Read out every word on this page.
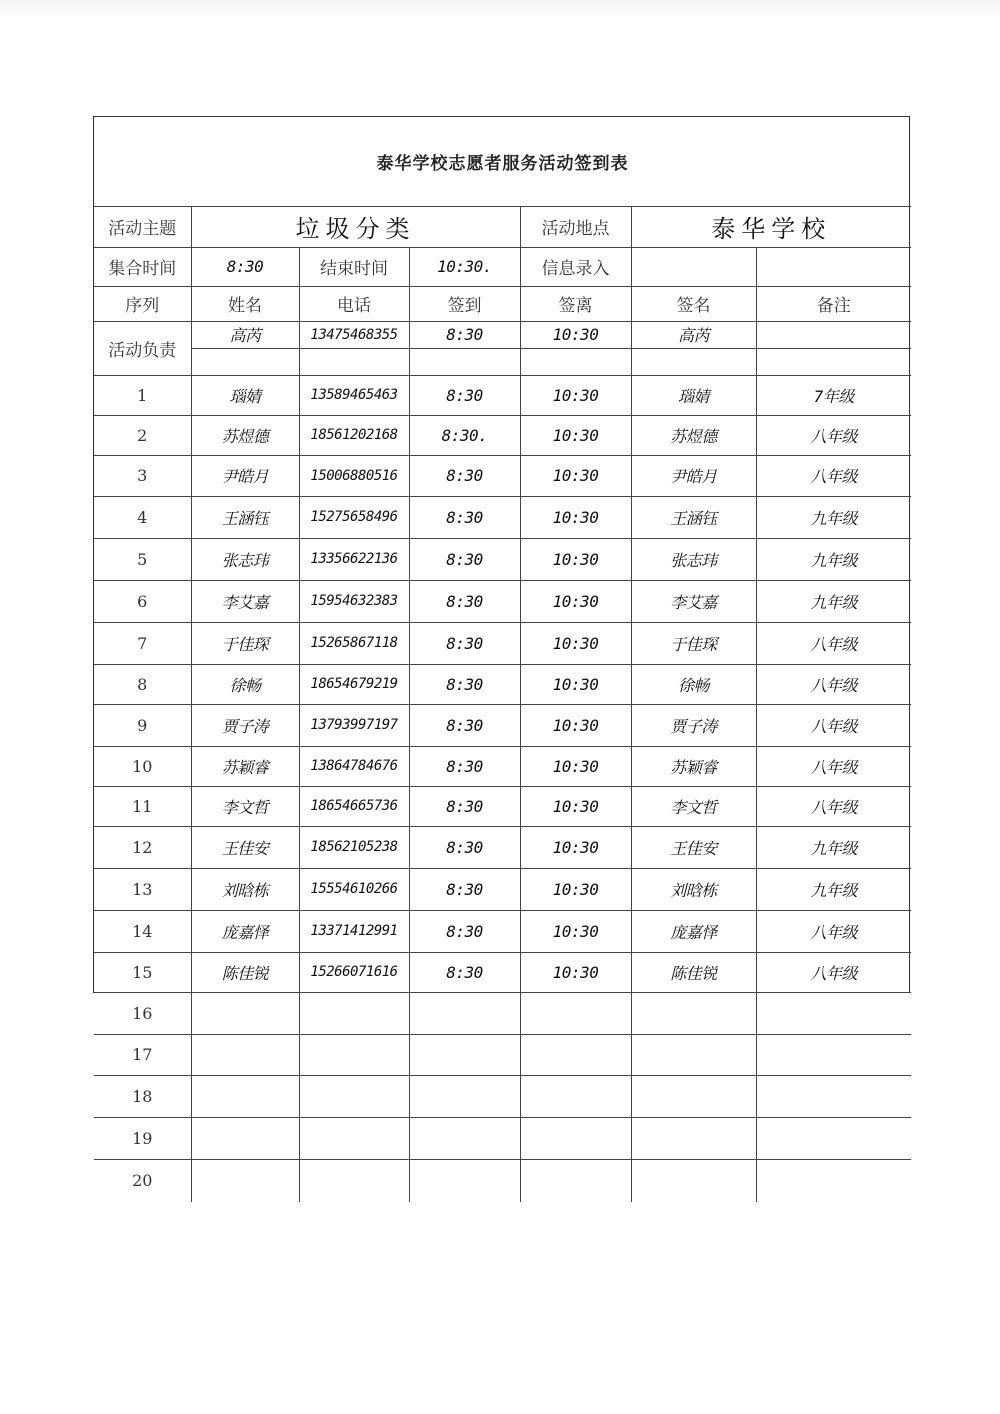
泰华学校志愿者服务活动签到表						
活动主题	垃圾分类			活动地点	泰华学校	
集合时间	8:30	结束时间	10:30.	信息录入		
序列	姓名	电话	签到	签离	签名	备注
活动负责	高芮	13475468355	8:30	10:30	高芮	

1	瑙婧	13589465463	8:30	10:30	瑙婧	7年级
2	苏煜德	18561202168	8:30.	10:30	苏煜德	八年级
3	尹皓月	15006880516	8:30	10:30	尹皓月	八年级
4	王涵钰	15275658496	8:30	10:30	王涵钰	九年级
5	张志玮	13356622136	8:30	10:30	张志玮	九年级
6	李艾嘉	15954632383	8:30	10:30	李艾嘉	九年级
7	于佳琛	15265867118	8:30	10:30	于佳琛	八年级
8	徐畅	18654679219	8:30	10:30	徐畅	八年级
9	贾子涛	13793997197	8:30	10:30	贾子涛	八年级
10	苏颖睿	13864784676	8:30	10:30	苏颖睿	八年级
11	李文哲	18654665736	8:30	10:30	李文哲	八年级
12	王佳安	18562105238	8:30	10:30	王佳安	九年级
13	刘晗栋	15554610266	8:30	10:30	刘晗栋	九年级
14	庞嘉怿	13371412991	8:30	10:30	庞嘉怿	八年级
15	陈佳锐	15266071616	8:30	10:30	陈佳锐	八年级
16						
17						
18						
19						
20						
